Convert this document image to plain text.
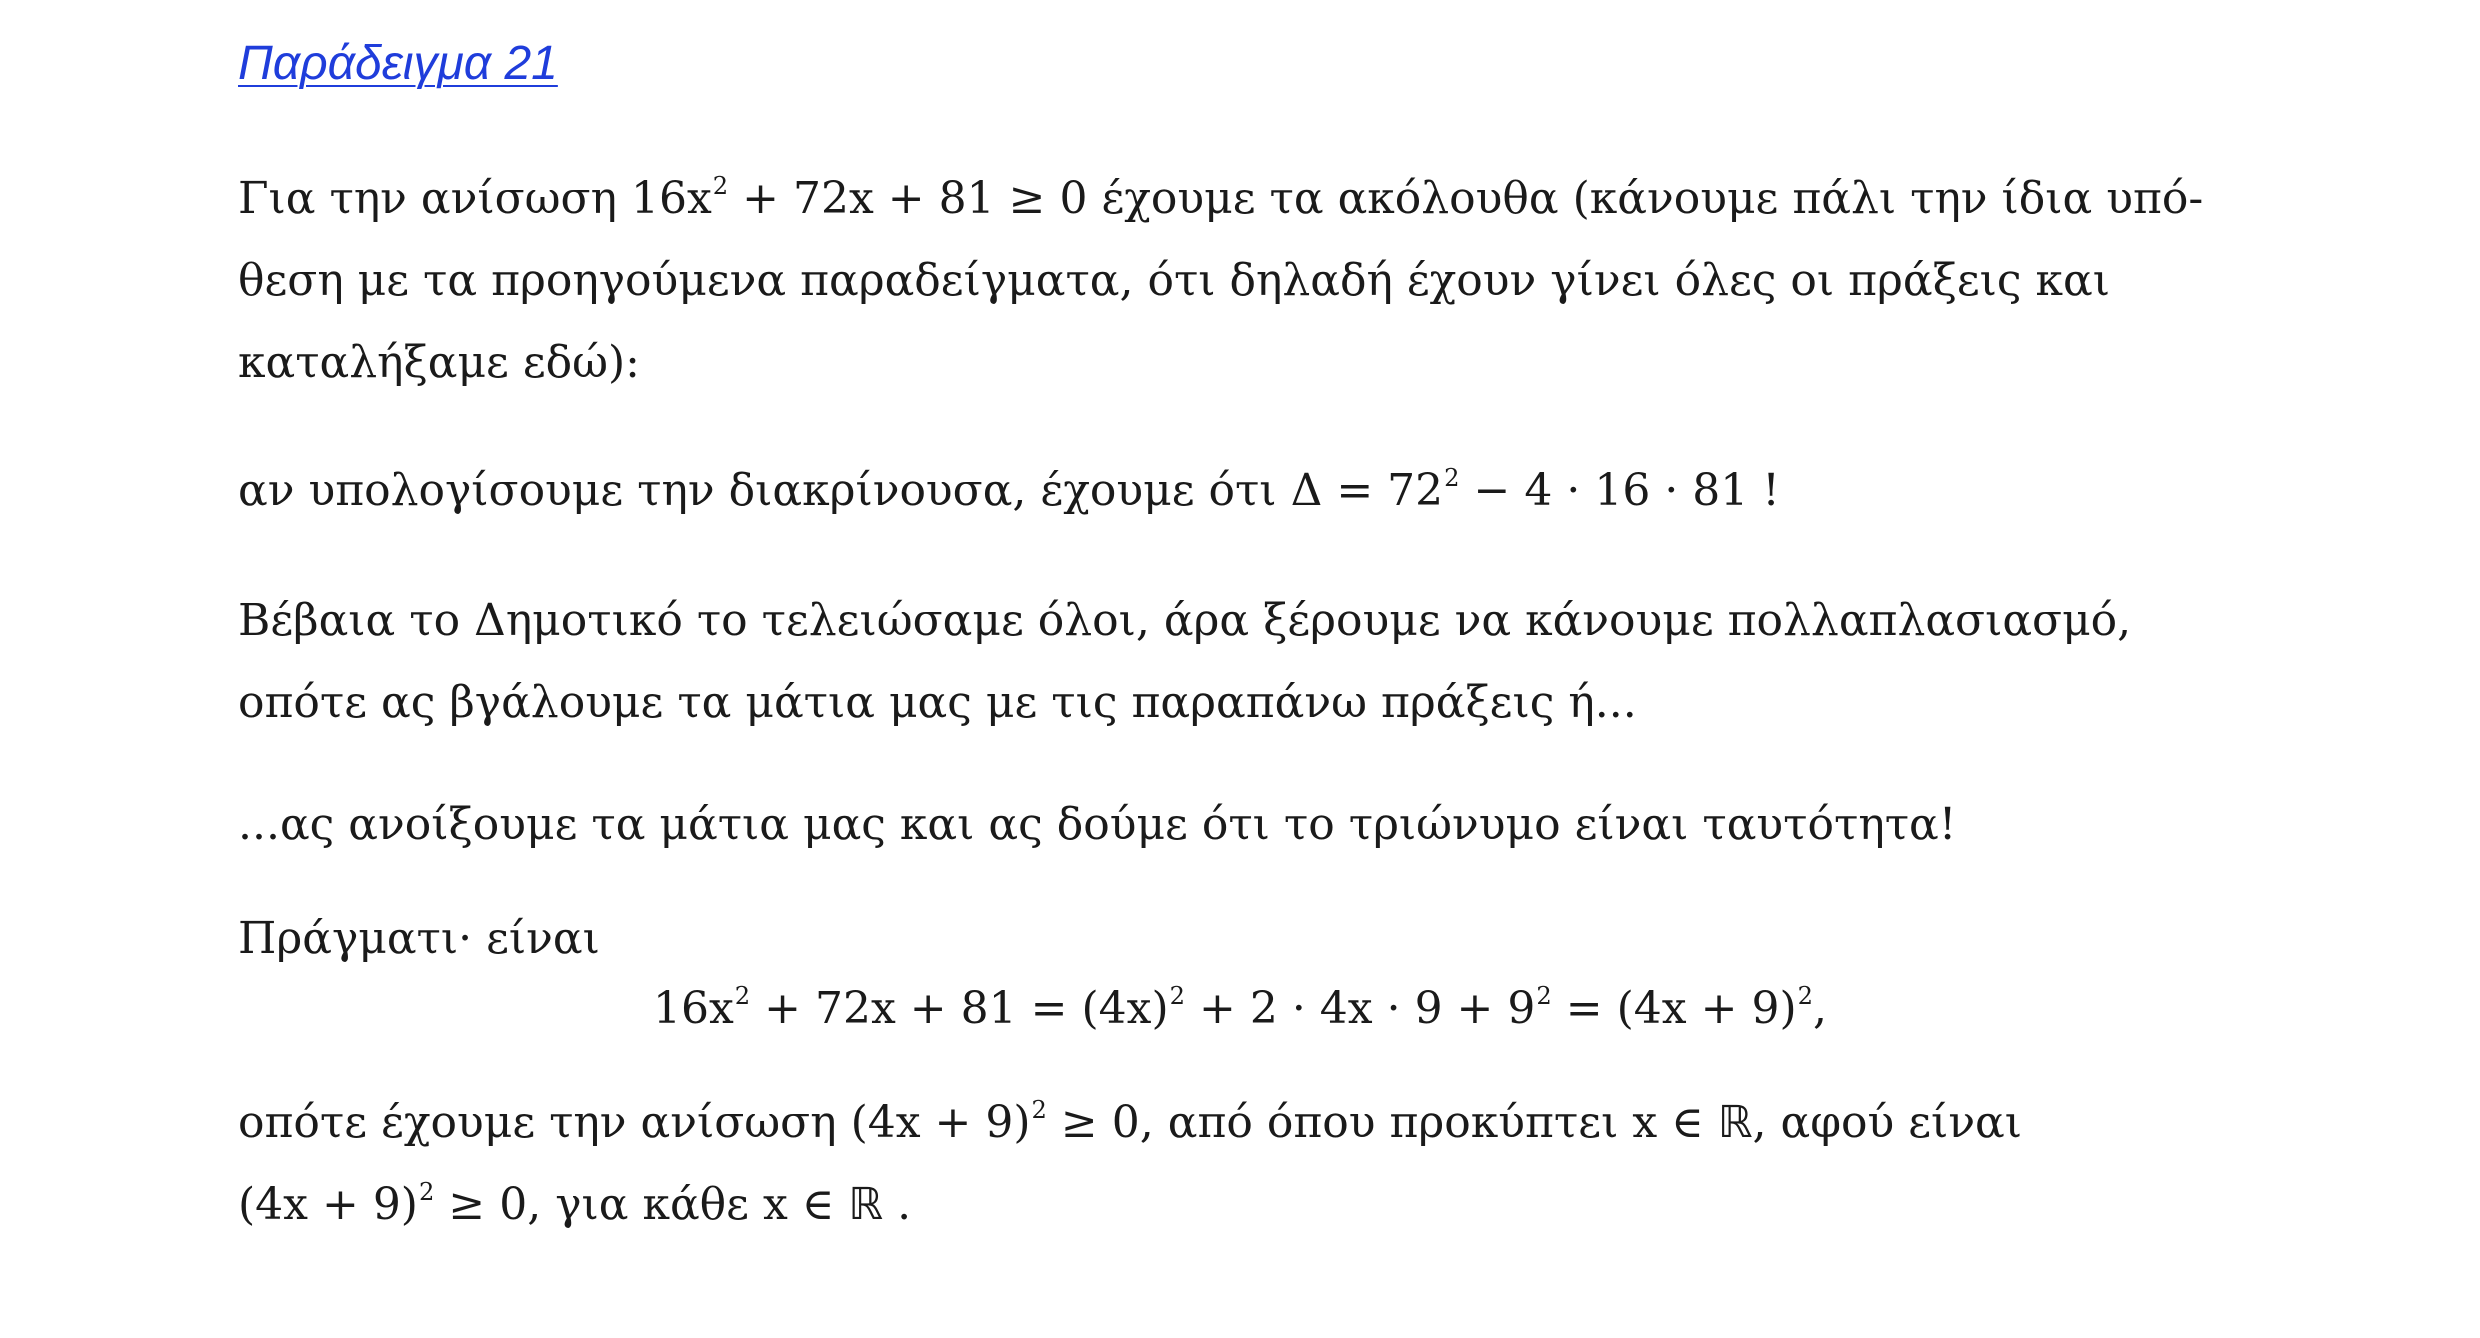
Παράδειγμα 21
Για την ανίσωση $16x^2 + 72x + 81 \ge 0$ έχουμε τα ακόλουθα (κάνουμε πάλι την ίδια υπό-
θεση με τα προηγούμενα παραδείγματα, ότι δηλαδή έχουν γίνει όλες οι πράξεις και
καταλήξαμε εδώ):
αν υπολογίσουμε την διακρίνουσα, έχουμε ότι $\Delta = 72^2 - 4 \cdot 16 \cdot 81$ !
Βέβαια το Δημοτικό το τελειώσαμε όλοι, άρα ξέρουμε να κάνουμε πολλαπλασιασμό,
οπότε ας βγάλουμε τα μάτια μας με τις παραπάνω πράξεις ή...
...ας ανοίξουμε τα μάτια μας και ας δούμε ότι το τριώνυμο είναι ταυτότητα!
Πράγματι· είναι
$16x^2 + 72x + 81 = (4x)^2 + 2 \cdot 4x \cdot 9 + 9^2 = (4x + 9)^2$,
οπότε έχουμε την ανίσωση $(4x + 9)^2 \ge 0$, από όπου προκύπτει x ∈ ℝ, αφού είναι
$(4x + 9)^2 \ge 0$, για κάθε x ∈ ℝ .
